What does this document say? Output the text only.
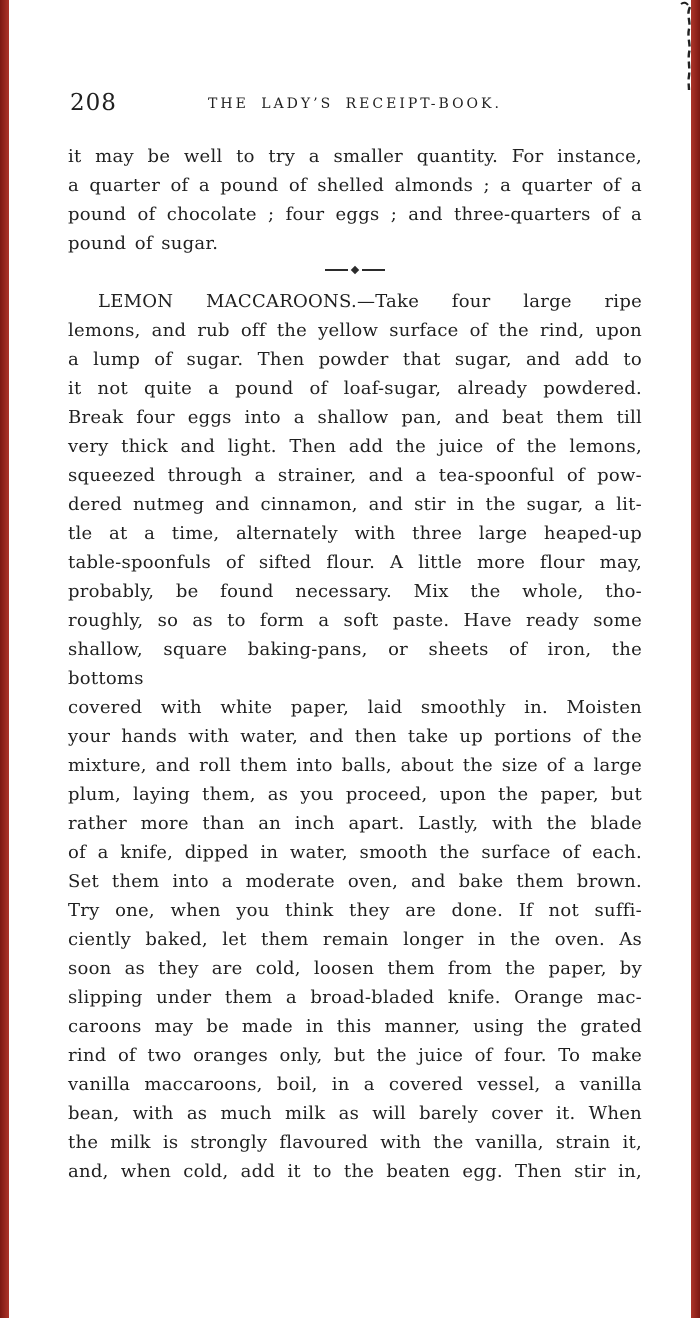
208	THE LADY’S RECEIPT-BOOK.
it may be well to try a smaller quantity. For instance,
a quarter of a pound of shelled almonds ; a quarter of a
pound of chocolate ; four eggs ; and three-quarters of a
pound of sugar.
LEMON MACCAROONS.—Take four large ripe
lemons, and rub off the yellow surface of the rind, upon
a lump of sugar. Then powder that sugar, and add to
it not quite a pound of loaf-sugar, already powdered.
Break four eggs into a shallow pan, and beat them till
very thick and light. Then add the juice of the lemons,
squeezed through a strainer, and a tea-spoonful of pow-
dered nutmeg and cinnamon, and stir in the sugar, a lit-
tle at a time, alternately with three large heaped-up
table-spoonfuls of sifted flour. A little more flour may,
probably, be found necessary. Mix the whole, tho-
roughly, so as to form a soft paste. Have ready some
shallow, square baking-pans, or sheets of iron, the bottoms
covered with white paper, laid smoothly in. Moisten
your hands with water, and then take up portions of the
mixture, and roll them into balls, about the size of a large
plum, laying them, as you proceed, upon the paper, but
rather more than an inch apart. Lastly, with the blade
of a knife, dipped in water, smooth the surface of each.
Set them into a moderate oven, and bake them brown.
Try one, when you think they are done. If not suffi-
ciently baked, let them remain longer in the oven. As
soon as they are cold, loosen them from the paper, by
slipping under them a broad-bladed knife. Orange mac-
caroons may be made in this manner, using the grated
rind of two oranges only, but the juice of four. To make
vanilla maccaroons, boil, in a covered vessel, a vanilla
bean, with as much milk as will barely cover it. When
the milk is strongly flavoured with the vanilla, strain it,
and, when cold, add it to the beaten egg. Then stir in,
